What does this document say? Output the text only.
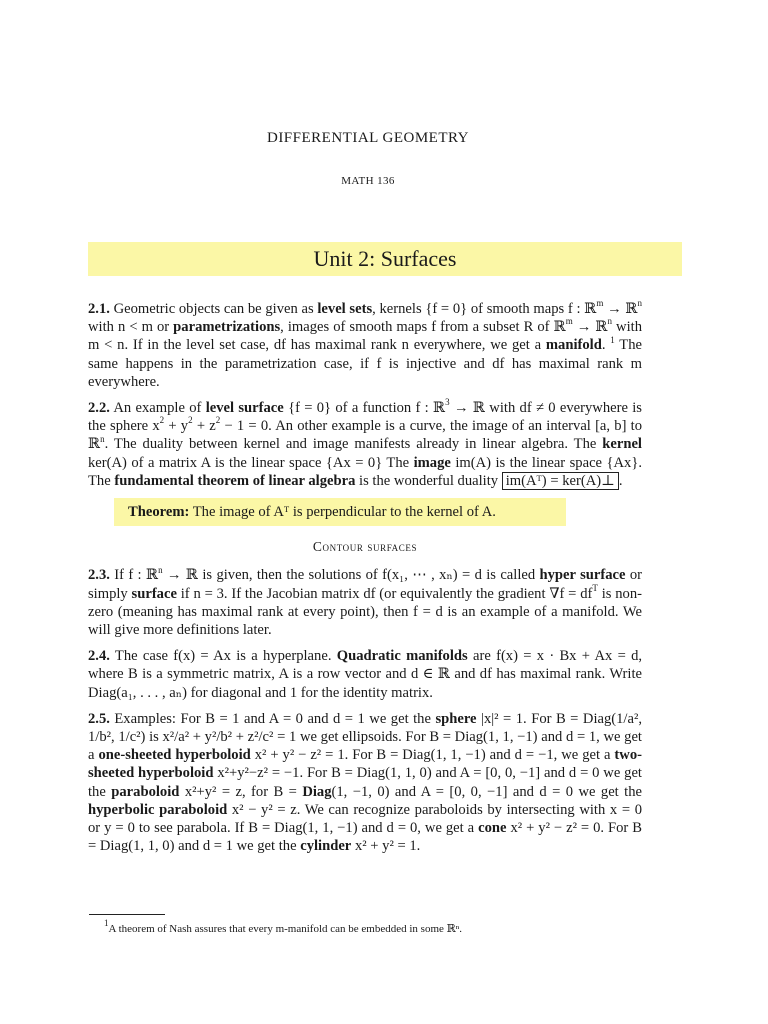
DIFFERENTIAL GEOMETRY
MATH 136
Unit 2: Surfaces

2.1. Geometric objects can be given as level sets, kernels {f = 0} of smooth maps f : ℝ$^m$ → ℝ$^n$ with n < m or parametrizations, images of smooth maps f from a subset R of ℝ$^m$ → ℝ$^n$ with m < n. If in the level set case, df has maximal rank n everywhere, we get a manifold. $^1$ The same happens in the parametrization case, if f is injective and df has maximal rank m everywhere.

2.2. An example of level surface {f = 0} of a function f : ℝ$^3$ → ℝ with df ≠ 0 everywhere is the sphere $x^2 + y^2 + z^2 - 1 = 0$. An other example is a curve, the image of an interval [a, b] to ℝ$^n$. The duality between kernel and image manifests already in linear algebra. The kernel ker(A) of a matrix A is the linear space {Ax = 0} The image im(A) is the linear space {Ax}. The fundamental theorem of linear algebra is the wonderful duality im(Aᵀ) = ker(A)⊥ .

Theorem: The image of Aᵀ is perpendicular to the kernel of A.
Contour surfaces

2.3. If f : ℝ$^n$ → ℝ is given, then the solutions of f(x₁, ⋯ , xₙ) = d is called hyper surface or simply surface if n = 3. If the Jacobian matrix df (or equivalently the gradient $\nabla f = df^T$ is non-zero (meaning has maximal rank at every point), then f = d is an example of a manifold. We will give more definitions later.

2.4. The case f(x) = Ax is a hyperplane. Quadratic manifolds are f(x) = x · Bx + Ax = d, where B is a symmetric matrix, A is a row vector and d ∈ ℝ and df has maximal rank. Write Diag(a₁, . . . , aₙ) for diagonal and 1 for the identity matrix.

2.5. Examples: For B = 1 and A = 0 and d = 1 we get the sphere |x|² = 1. For B = Diag(1/a², 1/b², 1/c²) is x²/a² + y²/b² + z²/c² = 1 we get ellipsoids. For B = Diag(1, 1, −1) and d = 1, we get a one-sheeted hyperboloid x² + y² − z² = 1. For B = Diag(1, 1, −1) and d = −1, we get a two-sheeted hyperboloid x²+y²−z² = −1. For B = Diag(1, 1, 0) and A = [0, 0, −1] and d = 0 we get the paraboloid x²+y² = z, for B = Diag(1, −1, 0) and A = [0, 0, −1] and d = 0 we get the hyperbolic paraboloid x² − y² = z. We can recognize paraboloids by intersecting with x = 0 or y = 0 to see parabola. If B = Diag(1, 1, −1) and d = 0, we get a cone x² + y² − z² = 0. For B = Diag(1, 1, 0) and d = 1 we get the cylinder x² + y² = 1.

$^1$A theorem of Nash assures that every m-manifold can be embedded in some ℝⁿ.
